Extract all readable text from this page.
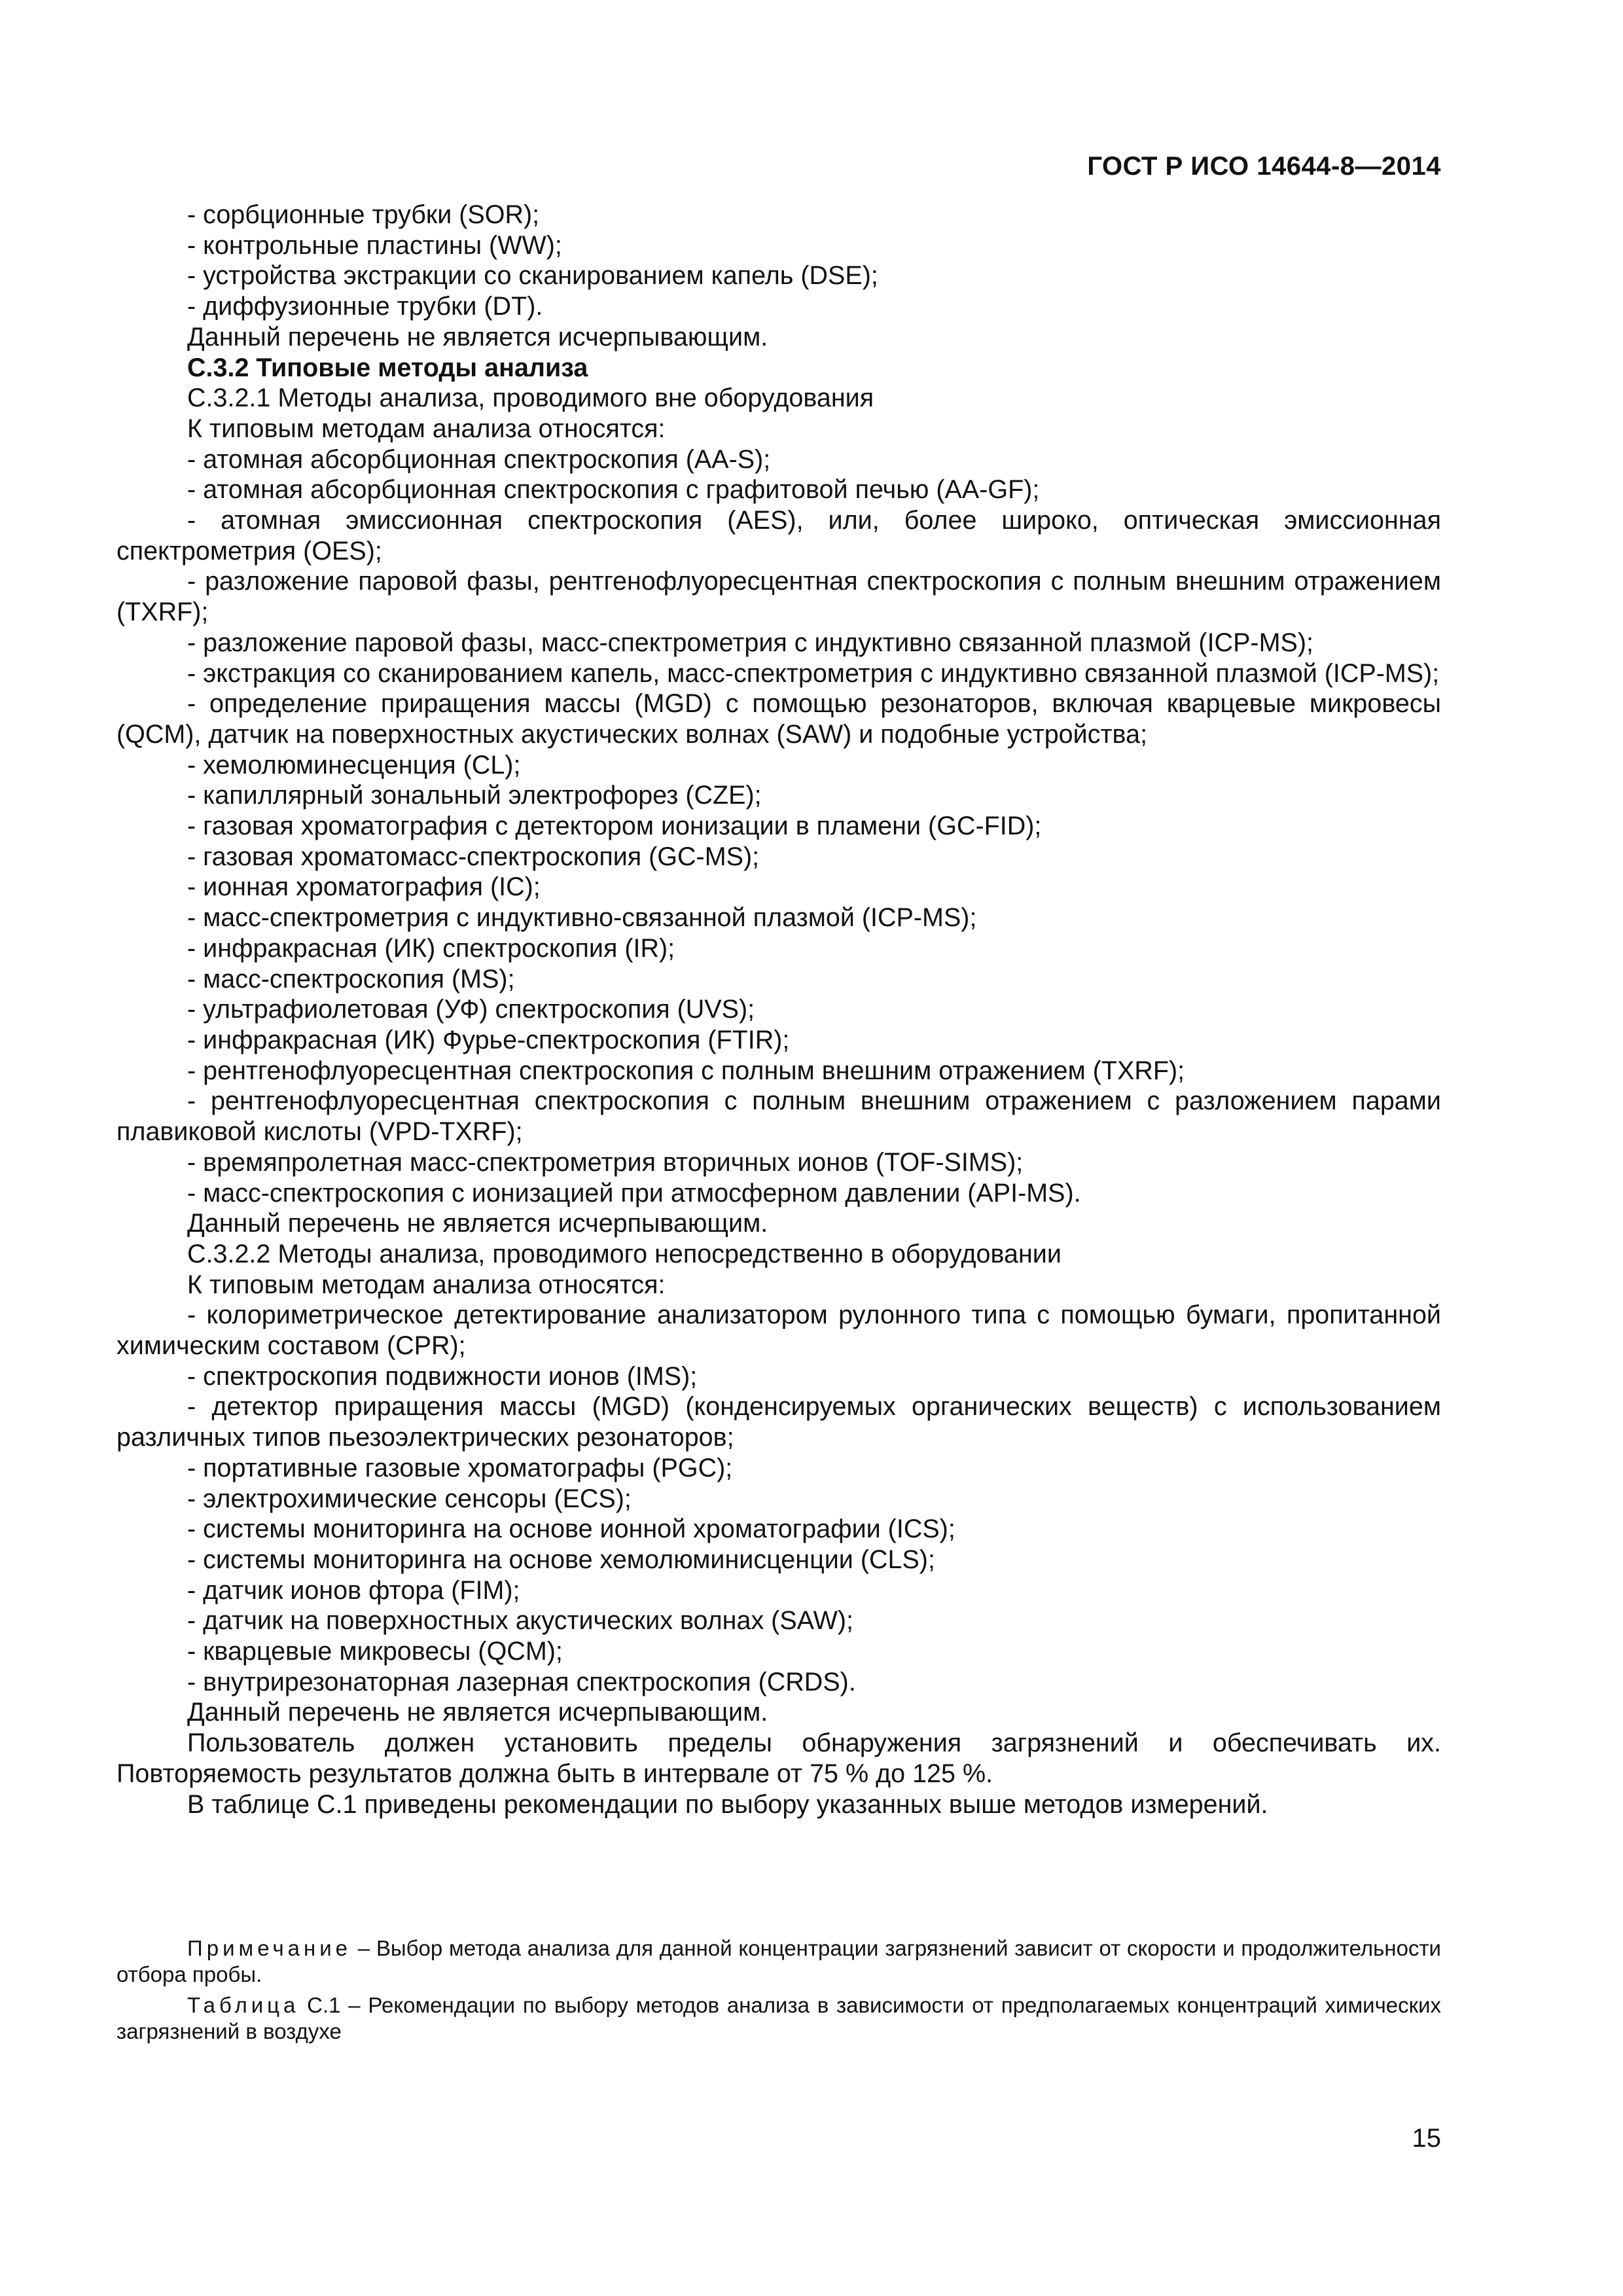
ГОСТ Р ИСО 14644-8—2014

- сорбционные трубки (SOR);

- контрольные пластины (WW);

- устройства экстракции со сканированием капель (DSE);

- диффузионные трубки (DT).

Данный перечень не является исчерпывающим.

С.3.2 Типовые методы анализа

С.3.2.1 Методы анализа, проводимого вне оборудования

К типовым методам анализа относятся:

- атомная абсорбционная спектроскопия (AA-S);

- атомная абсорбционная спектроскопия с графитовой печью (AA-GF);

- атомная эмиссионная спектроскопия (AES), или, более широко, оптическая эмиссионная спектрометрия (OES);

- разложение паровой фазы, рентгенофлуоресцентная спектроскопия с полным внешним отражением (TXRF);

- разложение паровой фазы, масс-спектрометрия с индуктивно связанной плазмой (ICP-MS);

- экстракция со сканированием капель, масс-спектрометрия с индуктивно связанной плазмой (ICP-MS);

- определение приращения массы (MGD) с помощью резонаторов, включая кварцевые микровесы (QCM), датчик на поверхностных акустических волнах (SAW) и подобные устройства;

- хемолюминесценция (CL);

- капиллярный зональный электрофорез (CZE);

- газовая хроматография с детектором ионизации в пламени (GC-FID);

- газовая хроматомасс-спектроскопия (GC-MS);

- ионная хроматография (IC);

- масс-спектрометрия с индуктивно-связанной плазмой (ICP-MS);

- инфракрасная (ИК) спектроскопия (IR);

- масс-спектроскопия (MS);

- ультрафиолетовая (УФ) спектроскопия (UVS);

- инфракрасная (ИК) Фурье-спектроскопия (FTIR);

- рентгенофлуоресцентная спектроскопия с полным внешним отражением (TXRF);

- рентгенофлуоресцентная спектроскопия с полным внешним отражением с разложением парами плавиковой кислоты (VPD-TXRF);

- времяпролетная масс-спектрометрия вторичных ионов (TOF-SIMS);

- масс-спектроскопия с ионизацией при атмосферном давлении (API-MS).

Данный перечень не является исчерпывающим.

С.3.2.2 Методы анализа, проводимого непосредственно в оборудовании

К типовым методам анализа относятся:

- колориметрическое детектирование анализатором рулонного типа с помощью бумаги, пропитанной химическим составом (CPR);

- спектроскопия подвижности ионов (IMS);

- детектор приращения массы (MGD) (конденсируемых органических веществ) с использованием различных типов пьезоэлектрических резонаторов;

- портативные газовые хроматографы (PGC);

- электрохимические сенсоры (ECS);

- системы мониторинга на основе ионной хроматографии (ICS);

- системы мониторинга на основе хемолюминисценции (CLS);

- датчик ионов фтора (FIM);

- датчик на поверхностных акустических волнах (SAW);

- кварцевые микровесы (QCM);

- внутрирезонаторная лазерная спектроскопия (CRDS).

Данный перечень не является исчерпывающим.

Пользователь должен установить пределы обнаружения загрязнений и обеспечивать их. Повторяемость результатов должна быть в интервале от 75 % до 125 %.

В таблице С.1 приведены рекомендации по выбору указанных выше методов измерений.

Примечание – Выбор метода анализа для данной концентрации загрязнений зависит от скорости и продолжительности отбора пробы.

Таблица С.1 – Рекомендации по выбору методов анализа в зависимости от предполагаемых концентраций химических загрязнений в воздухе

15
